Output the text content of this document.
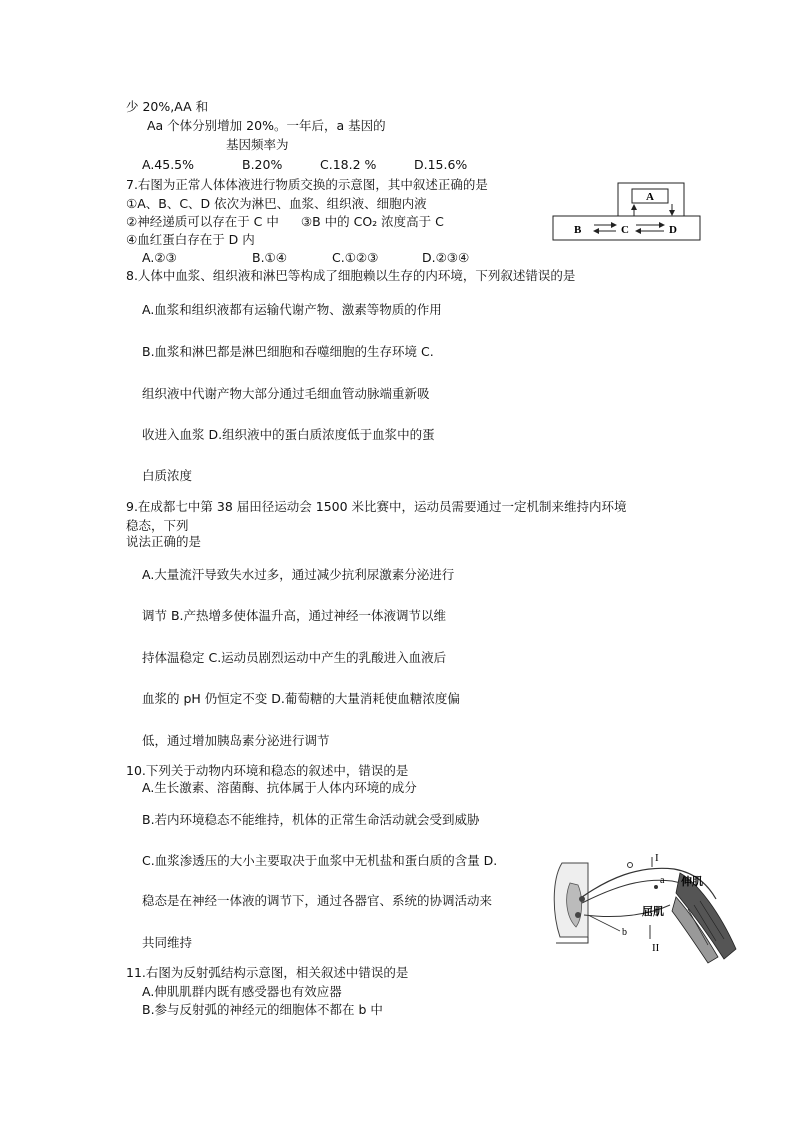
少 20%,AA 和
Aa 个体分别增加 20%。一年后，a 基因的
基因频率为
A.45.5%	B.20%	C.18.2 %	D.15.6%
7.右图为正常人体体液进行物质交换的示意图，其中叙述正确的是
①A、B、C、D 依次为淋巴、血浆、组织液、细胞内液
②神经递质可以存在于 C 中 ③B 中的 CO₂ 浓度高于 C
④血红蛋白存在于 D 内
A.②③	B.①④	C.①②③	D.②③④
A
B	C	D
8.人体中血浆、组织液和淋巴等构成了细胞赖以生存的内环境，下列叙述错误的是
A.血浆和组织液都有运输代谢产物、激素等物质的作用
B.血浆和淋巴都是淋巴细胞和吞噬细胞的生存环境 C.
组织液中代谢产物大部分通过毛细血管动脉端重新吸
收进入血浆 D.组织液中的蛋白质浓度低于血浆中的蛋
白质浓度
9.在成都七中第 38 届田径运动会 1500 米比赛中，运动员需要通过一定机制来维持内环境
稳态，下列
说法正确的是
A.大量流汗导致失水过多，通过减少抗利尿激素分泌进行
调节 B.产热增多使体温升高，通过神经一体液调节以维
持体温稳定 C.运动员剧烈运动中产生的乳酸进入血液后
血浆的 pH 仍恒定不变 D.葡萄糖的大量消耗使血糖浓度偏
低，通过增加胰岛素分泌进行调节
10.下列关于动物内环境和稳态的叙述中，错误的是
A.生长激素、溶菌酶、抗体属于人体内环境的成分
B.若内环境稳态不能维持，机体的正常生命活动就会受到威胁
C.血浆渗透压的大小主要取决于血浆中无机盐和蛋白质的含量 D.
稳态是在神经一体液的调节下，通过各器官、系统的协调活动来
共同维持
I
II
a
b
伸肌
屈肌
11.右图为反射弧结构示意图，相关叙述中错误的是
A.伸肌肌群内既有感受器也有效应器
B.参与反射弧的神经元的细胞体不都在 b 中
